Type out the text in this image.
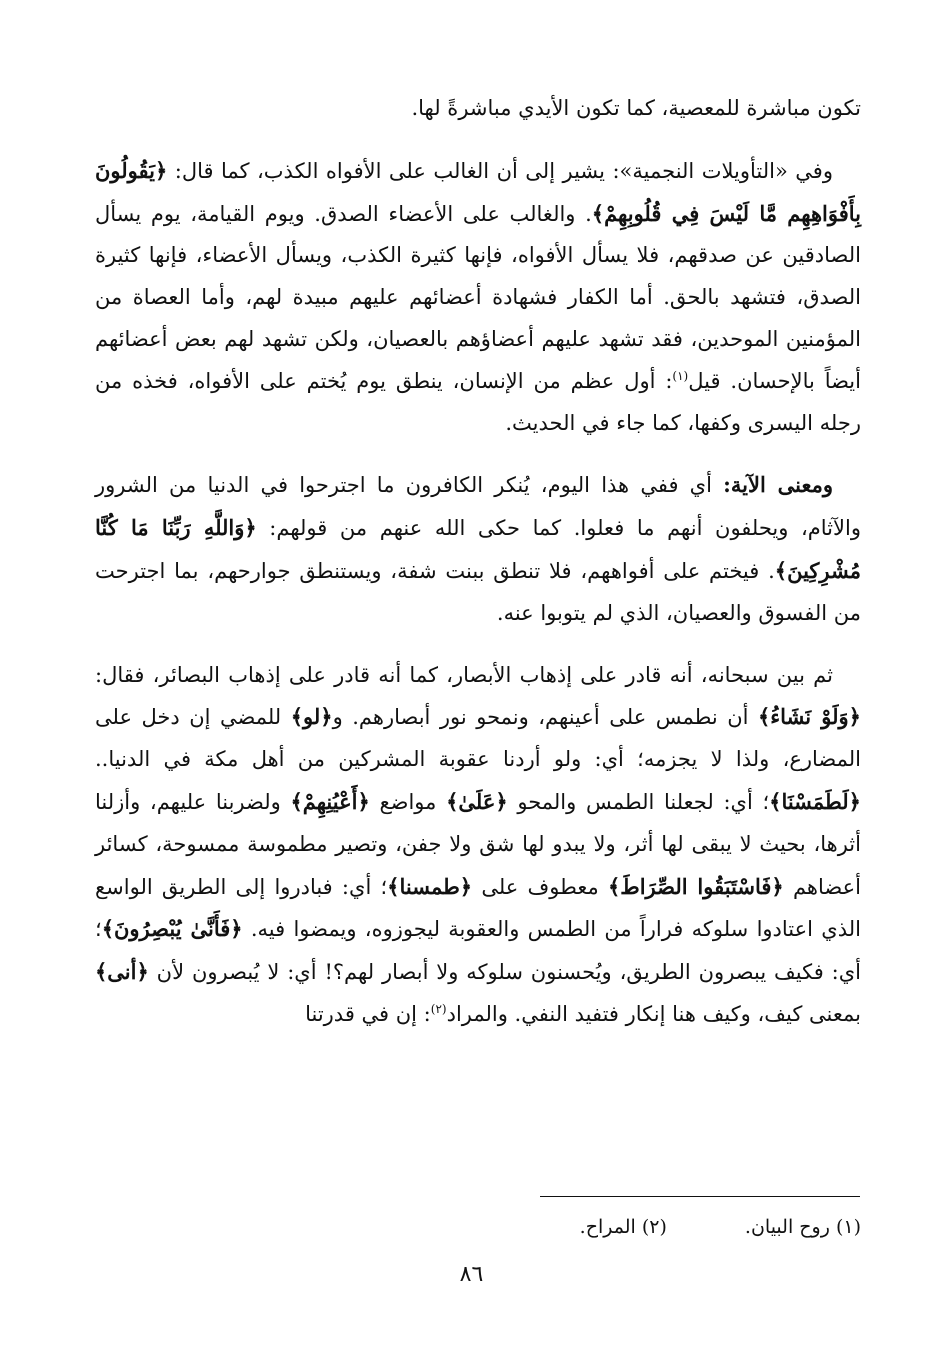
تكون مباشرة للمعصية، كما تكون الأيدي مباشرةً لها.

وفي «التأويلات النجمية»: يشير إلى أن الغالب على الأفواه الكذب، كما قال: ﴿يَقُولُونَ بِأَفْوَاهِهِم مَّا لَيْسَ فِي قُلُوبِهِمْ﴾. والغالب على الأعضاء الصدق. ويوم القيامة، يوم يسأل الصادقين عن صدقهم، فلا يسأل الأفواه، فإنها كثيرة الكذب، ويسأل الأعضاء، فإنها كثيرة الصدق، فتشهد بالحق. أما الكفار فشهادة أعضائهم عليهم مبيدة لهم، وأما العصاة من المؤمنين الموحدين، فقد تشهد عليهم أعضاؤهم بالعصيان، ولكن تشهد لهم بعض أعضائهم أيضاً بالإحسان. قيل$^{(١)}$: أول عظم من الإنسان، ينطق يوم يُختم على الأفواه، فخذه من رجله اليسرى وكفها، كما جاء في الحديث.

ومعنى الآية: أي ففي هذا اليوم، يُنكر الكافرون ما اجترحوا في الدنيا من الشرور والآثام، ويحلفون أنهم ما فعلوا. كما حكى الله عنهم من قولهم: ﴿وَاللَّهِ رَبِّنَا مَا كُنَّا مُشْرِكِينَ﴾. فيختم على أفواههم، فلا تنطق ببنت شفة، ويستنطق جوارحهم، بما اجترحت من الفسوق والعصيان، الذي لم يتوبوا عنه.

ثم بين سبحانه، أنه قادر على إذهاب الأبصار، كما أنه قادر على إذهاب البصائر، فقال: ﴿وَلَوْ نَشَاءُ﴾ أن نطمس على أعينهم، ونمحو نور أبصارهم. و﴿لو﴾ للمضي إن دخل على المضارع، ولذا لا يجزمه؛ أي: ولو أردنا عقوبة المشركين من أهل مكة في الدنيا.. ﴿لَطَمَسْنَا﴾؛ أي: لجعلنا الطمس والمحو ﴿عَلَىٰ﴾ مواضع ﴿أَعْيُنِهِمْ﴾ ولضربنا عليهم، وأزلنا أثرها، بحيث لا يبقى لها أثر، ولا يبدو لها شق ولا جفن، وتصير مطموسة ممسوحة، كسائر أعضاهم ﴿فَاسْتَبَقُوا الصِّرَاطَ﴾ معطوف على ﴿طمسنا﴾؛ أي: فبادروا إلى الطريق الواسع الذي اعتادوا سلوكه فراراً من الطمس والعقوبة ليجوزوه، ويمضوا فيه. ﴿فَأَنَّىٰ يُبْصِرُونَ﴾؛ أي: فكيف يبصرون الطريق، ويُحسنون سلوكه ولا أبصار لهم؟! أي: لا يُبصرون لأن ﴿أنى﴾ بمعنى كيف، وكيف هنا إنكار فتفيد النفي. والمراد$^{(٢)}$: إن في قدرتنا

(١) روح البيان.
(٢) المراح.
٨٦
